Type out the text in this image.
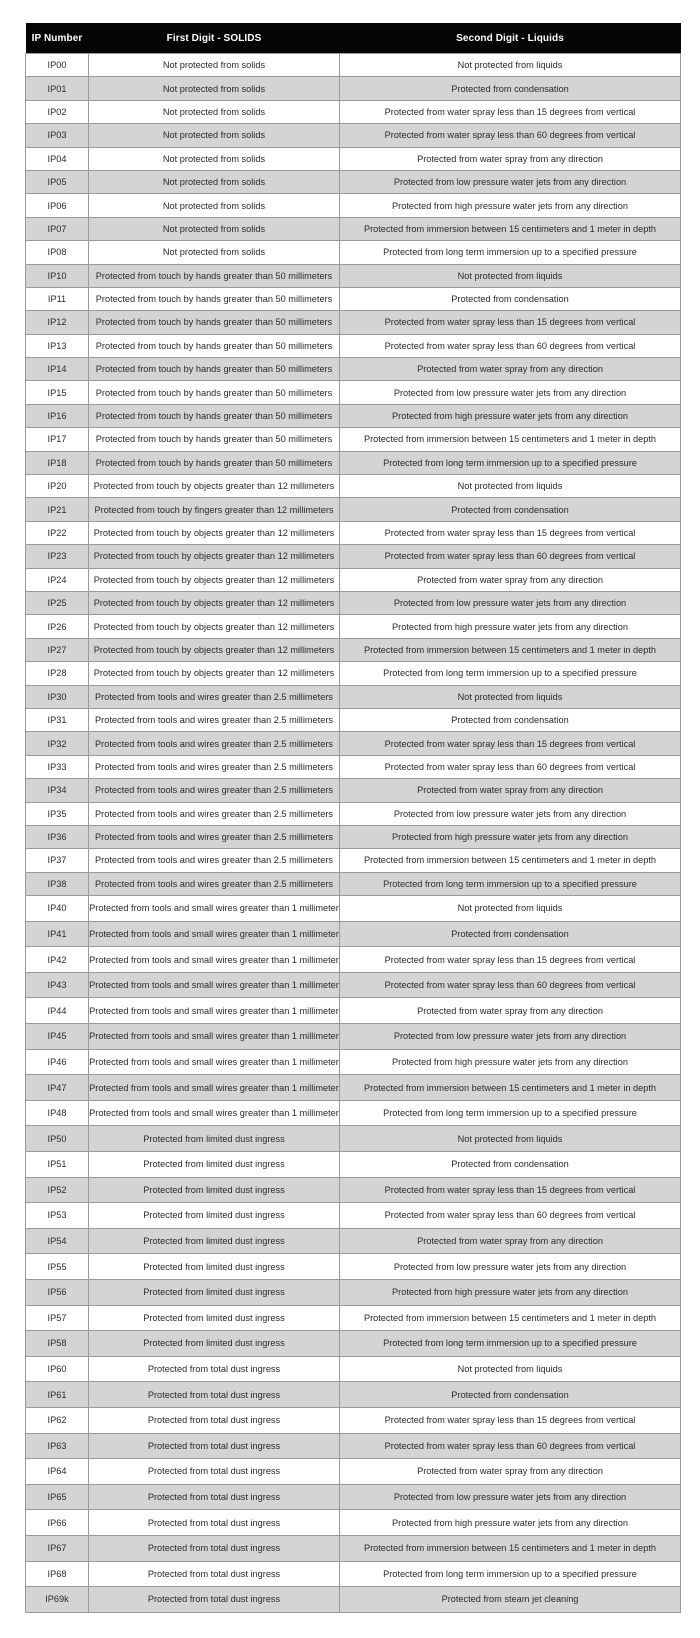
IP Number	First Digit - SOLIDS	Second Digit - Liquids
IP00	Not protected from solids	Not protected from liquids
IP01	Not protected from solids	Protected from condensation
IP02	Not protected from solids	Protected from water spray less than 15 degrees from vertical
IP03	Not protected from solids	Protected from water spray less than 60 degrees from vertical
IP04	Not protected from solids	Protected from water spray from any direction
IP05	Not protected from solids	Protected from low pressure water jets from any direction
IP06	Not protected from solids	Protected from high pressure water jets from any direction
IP07	Not protected from solids	Protected from immersion between 15 centimeters and 1 meter in depth
IP08	Not protected from solids	Protected from long term immersion up to a specified pressure
IP10	Protected from touch by hands greater than 50 millimeters	Not protected from liquids
IP11	Protected from touch by hands greater than 50 millimeters	Protected from condensation
IP12	Protected from touch by hands greater than 50 millimeters	Protected from water spray less than 15 degrees from vertical
IP13	Protected from touch by hands greater than 50 millimeters	Protected from water spray less than 60 degrees from vertical
IP14	Protected from touch by hands greater than 50 millimeters	Protected from water spray from any direction
IP15	Protected from touch by hands greater than 50 millimeters	Protected from low pressure water jets from any direction
IP16	Protected from touch by hands greater than 50 millimeters	Protected from high pressure water jets from any direction
IP17	Protected from touch by hands greater than 50 millimeters	Protected from immersion between 15 centimeters and 1 meter in depth
IP18	Protected from touch by hands greater than 50 millimeters	Protected from long term immersion up to a specified pressure
IP20	Protected from touch by objects greater than 12 millimeters	Not protected from liquids
IP21	Protected from touch by fingers greater than 12 millimeters	Protected from condensation
IP22	Protected from touch by objects greater than 12 millimeters	Protected from water spray less than 15 degrees from vertical
IP23	Protected from touch by objects greater than 12 millimeters	Protected from water spray less than 60 degrees from vertical
IP24	Protected from touch by objects greater than 12 millimeters	Protected from water spray from any direction
IP25	Protected from touch by objects greater than 12 millimeters	Protected from low pressure water jets from any direction
IP26	Protected from touch by objects greater than 12 millimeters	Protected from high pressure water jets from any direction
IP27	Protected from touch by objects greater than 12 millimeters	Protected from immersion between 15 centimeters and 1 meter in depth
IP28	Protected from touch by objects greater than 12 millimeters	Protected from long term immersion up to a specified pressure
IP30	Protected from tools and wires greater than 2.5 millimeters	Not protected from liquids
IP31	Protected from tools and wires greater than 2.5 millimeters	Protected from condensation
IP32	Protected from tools and wires greater than 2.5 millimeters	Protected from water spray less than 15 degrees from vertical
IP33	Protected from tools and wires greater than 2.5 millimeters	Protected from water spray less than 60 degrees from vertical
IP34	Protected from tools and wires greater than 2.5 millimeters	Protected from water spray from any direction
IP35	Protected from tools and wires greater than 2.5 millimeters	Protected from low pressure water jets from any direction
IP36	Protected from tools and wires greater than 2.5 millimeters	Protected from high pressure water jets from any direction
IP37	Protected from tools and wires greater than 2.5 millimeters	Protected from immersion between 15 centimeters and 1 meter in depth
IP38	Protected from tools and wires greater than 2.5 millimeters	Protected from long term immersion up to a specified pressure
IP40	Protected from tools and small wires greater than 1 millimeter	Not protected from liquids
IP41	Protected from tools and small wires greater than 1 millimeter	Protected from condensation
IP42	Protected from tools and small wires greater than 1 millimeter	Protected from water spray less than 15 degrees from vertical
IP43	Protected from tools and small wires greater than 1 millimeter	Protected from water spray less than 60 degrees from vertical
IP44	Protected from tools and small wires greater than 1 millimeter	Protected from water spray from any direction
IP45	Protected from tools and small wires greater than 1 millimeter	Protected from low pressure water jets from any direction
IP46	Protected from tools and small wires greater than 1 millimeter	Protected from high pressure water jets from any direction
IP47	Protected from tools and small wires greater than 1 millimeter	Protected from immersion between 15 centimeters and 1 meter in depth
IP48	Protected from tools and small wires greater than 1 millimeter	Protected from long term immersion up to a specified pressure
IP50	Protected from limited dust ingress	Not protected from liquids
IP51	Protected from limited dust ingress	Protected from condensation
IP52	Protected from limited dust ingress	Protected from water spray less than 15 degrees from vertical
IP53	Protected from limited dust ingress	Protected from water spray less than 60 degrees from vertical
IP54	Protected from limited dust ingress	Protected from water spray from any direction
IP55	Protected from limited dust ingress	Protected from low pressure water jets from any direction
IP56	Protected from limited dust ingress	Protected from high pressure water jets from any direction
IP57	Protected from limited dust ingress	Protected from immersion between 15 centimeters and 1 meter in depth
IP58	Protected from limited dust ingress	Protected from long term immersion up to a specified pressure
IP60	Protected from total dust ingress	Not protected from liquids
IP61	Protected from total dust ingress	Protected from condensation
IP62	Protected from total dust ingress	Protected from water spray less than 15 degrees from vertical
IP63	Protected from total dust ingress	Protected from water spray less than 60 degrees from vertical
IP64	Protected from total dust ingress	Protected from water spray from any direction
IP65	Protected from total dust ingress	Protected from low pressure water jets from any direction
IP66	Protected from total dust ingress	Protected from high pressure water jets from any direction
IP67	Protected from total dust ingress	Protected from immersion between 15 centimeters and 1 meter in depth
IP68	Protected from total dust ingress	Protected from long term immersion up to a specified pressure
IP69k	Protected from total dust ingress	Protected from steam jet cleaning
